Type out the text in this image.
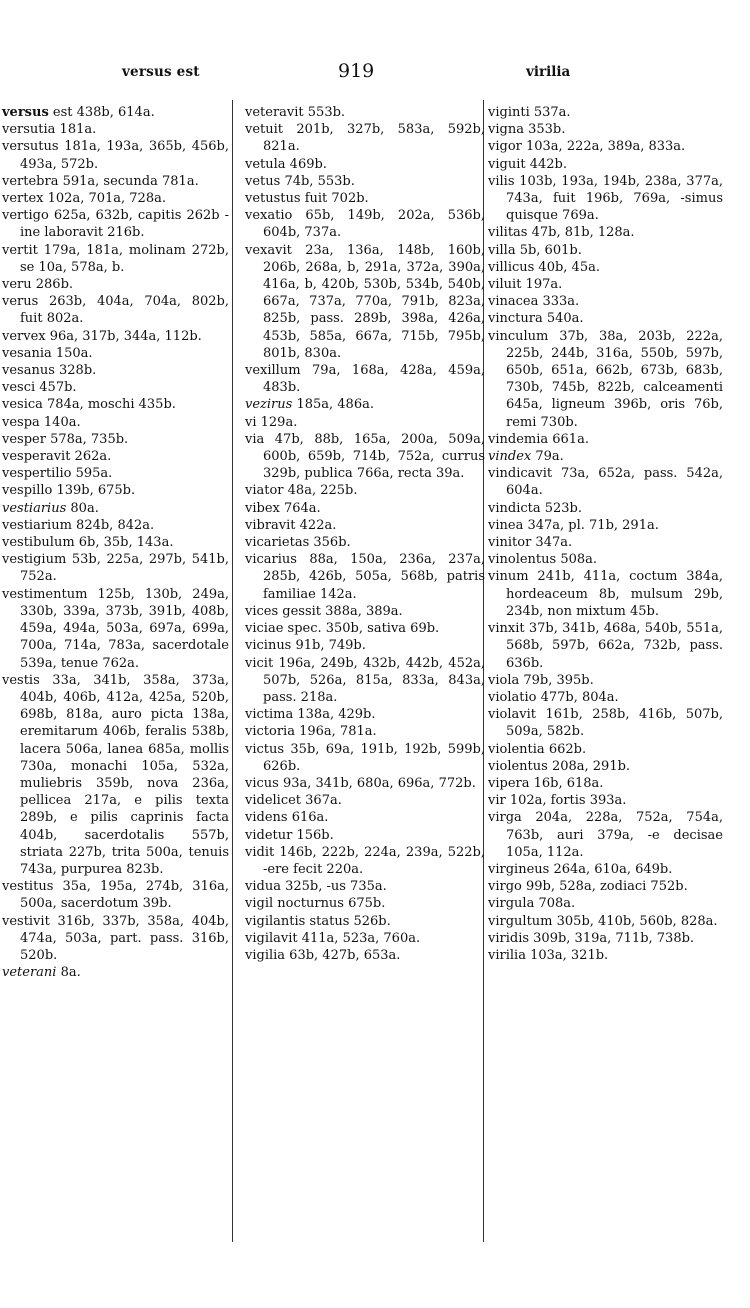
versus est	919	virilia

versus est 438b, 614a.

versutia 181a.

versutus 181a, 193a, 365b, 456b, 493a, 572b.

vertebra 591a, secunda 781a.

vertex 102a, 701a, 728a.

vertigo 625a, 632b, capitis 262b -ine laboravit 216b.

vertit 179a, 181a, molinam 272b, se 10a, 578a, b.

veru 286b.

verus 263b, 404a, 704a, 802b, fuit 802a.

vervex 96a, 317b, 344a, 112b.

vesania 150a.

vesanus 328b.

vesci 457b.

vesica 784a, moschi 435b.

vespa 140a.

vesper 578a, 735b.

vesperavit 262a.

vespertilio 595a.

vespillo 139b, 675b.

vestiarius 80a.

vestiarium 824b, 842a.

vestibulum 6b, 35b, 143a.

vestigium 53b, 225a, 297b, 541b, 752a.

vestimentum 125b, 130b, 249a, 330b, 339a, 373b, 391b, 408b, 459a, 494a, 503a, 697a, 699a, 700a, 714a, 783a, sacerdotale 539a, tenue 762a.

vestis 33a, 341b, 358a, 373a, 404b, 406b, 412a, 425a, 520b, 698b, 818a, auro picta 138a, eremitarum 406b, feralis 538b, lacera 506a, lanea 685a, mollis 730a, monachi 105a, 532a, muliebris 359b, nova 236a, pellicea 217a, e pilis texta 289b, e pilis caprinis facta 404b, sacerdotalis 557b, striata 227b, trita 500a, tenuis 743a, purpurea 823b.

vestitus 35a, 195a, 274b, 316a, 500a, sacerdotum 39b.

vestivit 316b, 337b, 358a, 404b, 474a, 503a, part. pass. 316b, 520b.

veterani 8a.

veteravit 553b.

vetuit 201b, 327b, 583a, 592b, 821a.

vetula 469b.

vetus 74b, 553b.

vetustus fuit 702b.

vexatio 65b, 149b, 202a, 536b, 604b, 737a.

vexavit 23a, 136a, 148b, 160b, 206b, 268a, b, 291a, 372a, 390a, 416a, b, 420b, 530b, 534b, 540b, 667a, 737a, 770a, 791b, 823a, 825b, pass. 289b, 398a, 426a, 453b, 585a, 667a, 715b, 795b, 801b, 830a.

vexillum 79a, 168a, 428a, 459a, 483b.

vezirus 185a, 486a.

vi 129a.

via 47b, 88b, 165a, 200a, 509a, 600b, 659b, 714b, 752a, currus 329b, publica 766a, recta 39a.

viator 48a, 225b.

vibex 764a.

vibravit 422a.

vicarietas 356b.

vicarius 88a, 150a, 236a, 237a, 285b, 426b, 505a, 568b, patris familiae 142a.

vices gessit 388a, 389a.

viciae spec. 350b, sativa 69b.

vicinus 91b, 749b.

vicit 196a, 249b, 432b, 442b, 452a, 507b, 526a, 815a, 833a, 843a, pass. 218a.

victima 138a, 429b.

victoria 196a, 781a.

victus 35b, 69a, 191b, 192b, 599b, 626b.

vicus 93a, 341b, 680a, 696a, 772b.

videlicet 367a.

videns 616a.

videtur 156b.

vidit 146b, 222b, 224a, 239a, 522b, -ere fecit 220a.

vidua 325b, -us 735a.

vigil nocturnus 675b.

vigilantis status 526b.

vigilavit 411a, 523a, 760a.

vigilia 63b, 427b, 653a.

viginti 537a.

vigna 353b.

vigor 103a, 222a, 389a, 833a.

viguit 442b.

vilis 103b, 193a, 194b, 238a, 377a, 743a, fuit 196b, 769a, -simus quisque 769a.

vilitas 47b, 81b, 128a.

villa 5b, 601b.

villicus 40b, 45a.

viluit 197a.

vinacea 333a.

vinctura 540a.

vinculum 37b, 38a, 203b, 222a, 225b, 244b, 316a, 550b, 597b, 650b, 651a, 662b, 673b, 683b, 730b, 745b, 822b, calceamenti 645a, ligneum 396b, oris 76b, remi 730b.

vindemia 661a.

vindex 79a.

vindicavit 73a, 652a, pass. 542a, 604a.

vindicta 523b.

vinea 347a, pl. 71b, 291a.

vinitor 347a.

vinolentus 508a.

vinum 241b, 411a, coctum 384a, hordeaceum 8b, mulsum 29b, 234b, non mixtum 45b.

vinxit 37b, 341b, 468a, 540b, 551a, 568b, 597b, 662a, 732b, pass. 636b.

viola 79b, 395b.

violatio 477b, 804a.

violavit 161b, 258b, 416b, 507b, 509a, 582b.

violentia 662b.

violentus 208a, 291b.

vipera 16b, 618a.

vir 102a, fortis 393a.

virga 204a, 228a, 752a, 754a, 763b, auri 379a, -e decisae 105a, 112a.

virgineus 264a, 610a, 649b.

virgo 99b, 528a, zodiaci 752b.

virgula 708a.

virgultum 305b, 410b, 560b, 828a.

viridis 309b, 319a, 711b, 738b.

virilia 103a, 321b.
